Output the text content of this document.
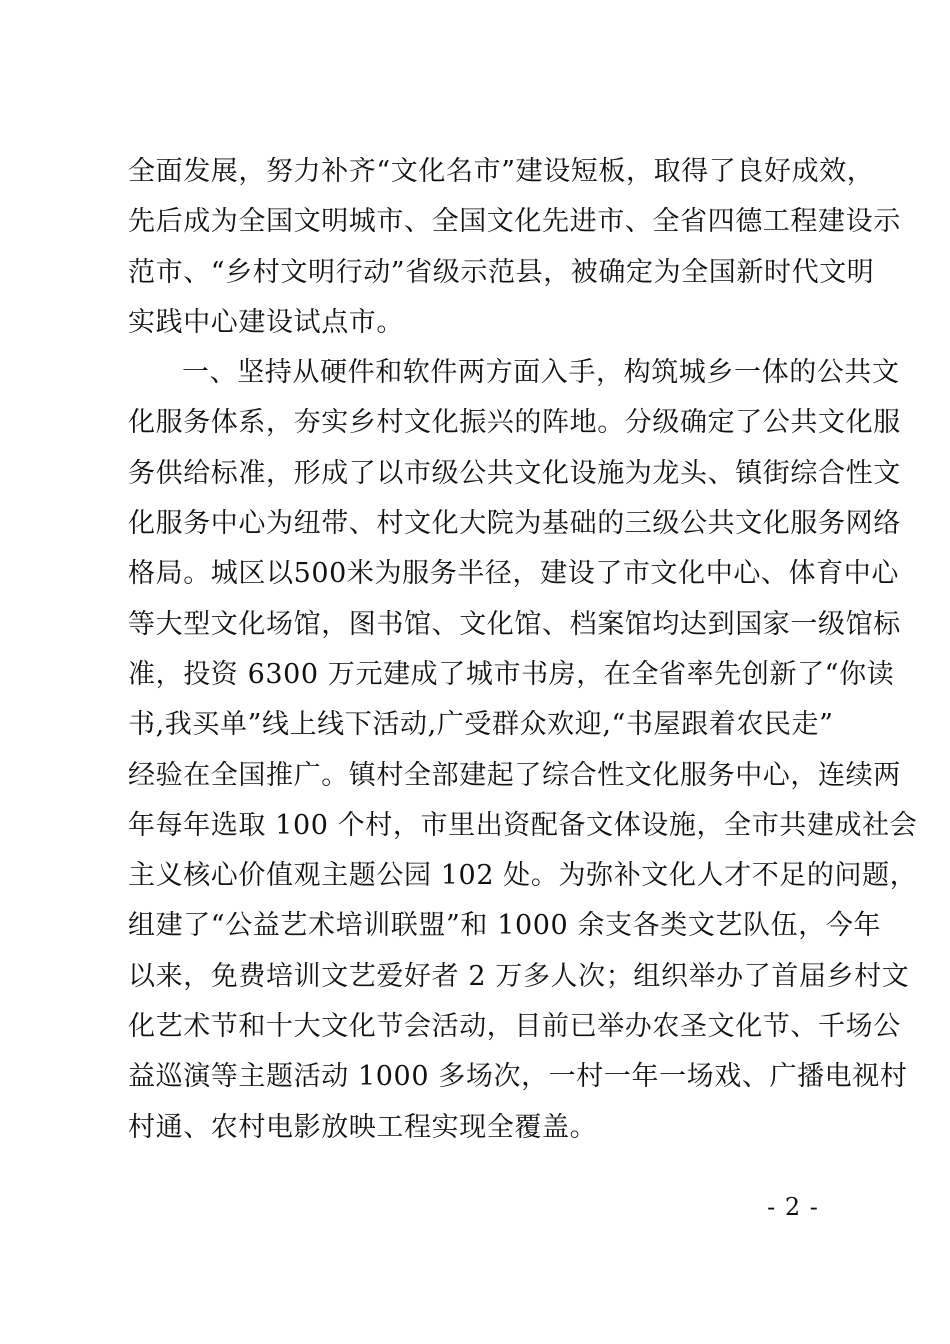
全面发展，努力补齐“文化名市”建设短板，取得了良好成效，
先后成为全国文明城市、全国文化先进市、全省四德工程建设示
范市、“乡村文明行动”省级示范县，被确定为全国新时代文明
实践中心建设试点市。
一、坚持从硬件和软件两方面入手，构筑城乡一体的公共文
化服务体系，夯实乡村文化振兴的阵地。分级确定了公共文化服
务供给标准，形成了以市级公共文化设施为龙头、镇街综合性文
化服务中心为纽带、村文化大院为基础的三级公共文化服务网络
格局。城区以500米为服务半径，建设了市文化中心、体育中心
等大型文化场馆，图书馆、文化馆、档案馆均达到国家一级馆标
准，投资 6300 万元建成了城市书房，在全省率先创新了“你读
书,我买单”线上线下活动,广受群众欢迎,“书屋跟着农民走”
经验在全国推广。镇村全部建起了综合性文化服务中心，连续两
年每年选取 100 个村，市里出资配备文体设施，全市共建成社会
主义核心价值观主题公园 102 处。为弥补文化人才不足的问题，
组建了“公益艺术培训联盟”和 1000 余支各类文艺队伍，今年
以来，免费培训文艺爱好者 2 万多人次；组织举办了首届乡村文
化艺术节和十大文化节会活动，目前已举办农圣文化节、千场公
益巡演等主题活动 1000 多场次，一村一年一场戏、广播电视村
村通、农村电影放映工程实现全覆盖。
- 2 -
